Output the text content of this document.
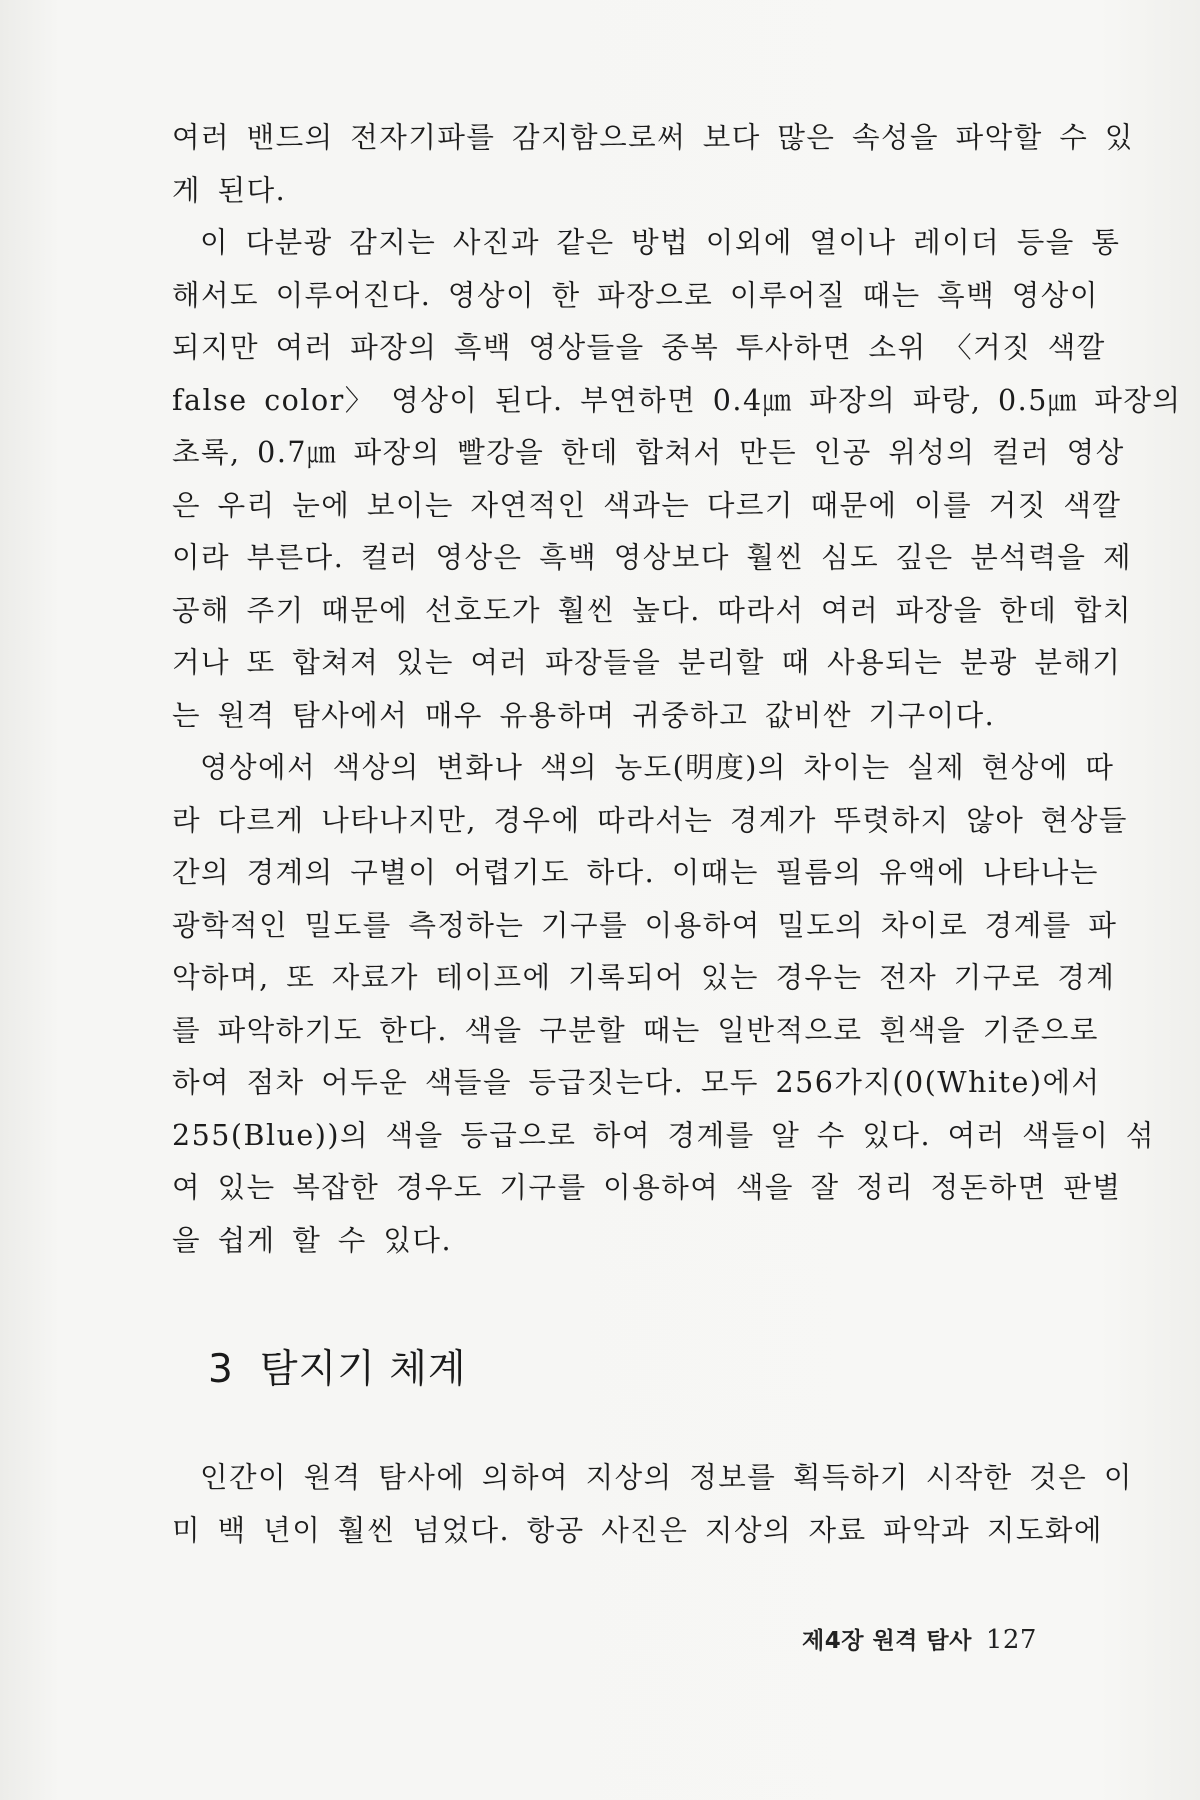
여러 밴드의 전자기파를 감지함으로써 보다 많은 속성을 파악할 수 있
게 된다.
이 다분광 감지는 사진과 같은 방법 이외에 열이나 레이더 등을 통
해서도 이루어진다. 영상이 한 파장으로 이루어질 때는 흑백 영상이
되지만 여러 파장의 흑백 영상들을 중복 투사하면 소위 〈거짓 색깔
false color〉 영상이 된다. 부연하면 0.4㎛ 파장의 파랑, 0.5㎛ 파장의
초록, 0.7㎛ 파장의 빨강을 한데 합쳐서 만든 인공 위성의 컬러 영상
은 우리 눈에 보이는 자연적인 색과는 다르기 때문에 이를 거짓 색깔
이라 부른다. 컬러 영상은 흑백 영상보다 훨씬 심도 깊은 분석력을 제
공해 주기 때문에 선호도가 훨씬 높다. 따라서 여러 파장을 한데 합치
거나 또 합쳐져 있는 여러 파장들을 분리할 때 사용되는 분광 분해기
는 원격 탐사에서 매우 유용하며 귀중하고 값비싼 기구이다.
영상에서 색상의 변화나 색의 농도(明度)의 차이는 실제 현상에 따
라 다르게 나타나지만, 경우에 따라서는 경계가 뚜렷하지 않아 현상들
간의 경계의 구별이 어렵기도 하다. 이때는 필름의 유액에 나타나는
광학적인 밀도를 측정하는 기구를 이용하여 밀도의 차이로 경계를 파
악하며, 또 자료가 테이프에 기록되어 있는 경우는 전자 기구로 경계
를 파악하기도 한다. 색을 구분할 때는 일반적으로 흰색을 기준으로
하여 점차 어두운 색들을 등급짓는다. 모두 256가지(0(White)에서
255(Blue))의 색을 등급으로 하여 경계를 알 수 있다. 여러 색들이 섞
여 있는 복잡한 경우도 기구를 이용하여 색을 잘 정리 정돈하면 판별
을 쉽게 할 수 있다.
3 탐지기 체계
인간이 원격 탐사에 의하여 지상의 정보를 획득하기 시작한 것은 이
미 백 년이 훨씬 넘었다. 항공 사진은 지상의 자료 파악과 지도화에
제4장 원격 탐사 127
